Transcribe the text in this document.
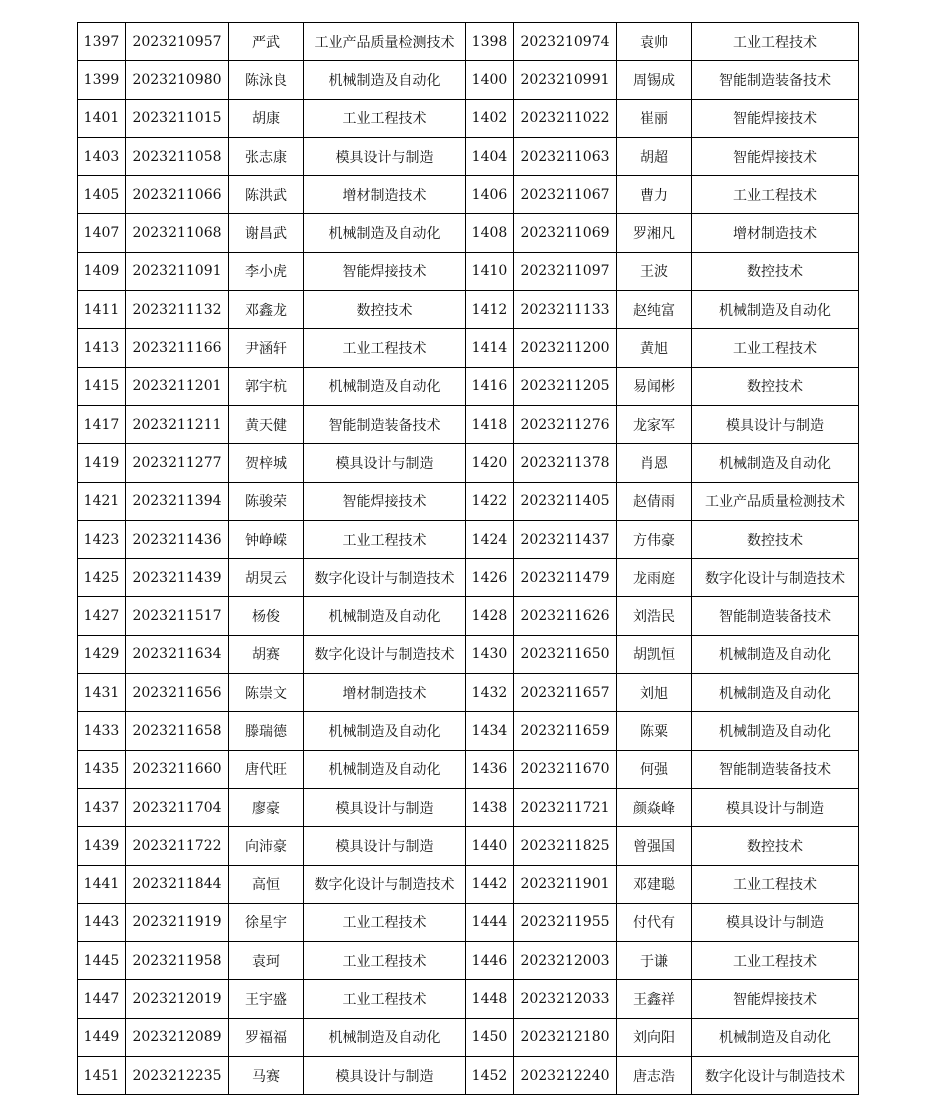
1397	2023210957	严武	工业产品质量检测技术	1398	2023210974	袁帅	工业工程技术
1399	2023210980	陈泳良	机械制造及自动化	1400	2023210991	周锡成	智能制造装备技术
1401	2023211015	胡康	工业工程技术	1402	2023211022	崔丽	智能焊接技术
1403	2023211058	张志康	模具设计与制造	1404	2023211063	胡超	智能焊接技术
1405	2023211066	陈洪武	增材制造技术	1406	2023211067	曹力	工业工程技术
1407	2023211068	谢昌武	机械制造及自动化	1408	2023211069	罗湘凡	增材制造技术
1409	2023211091	李小虎	智能焊接技术	1410	2023211097	王波	数控技术
1411	2023211132	邓鑫龙	数控技术	1412	2023211133	赵纯富	机械制造及自动化
1413	2023211166	尹涵轩	工业工程技术	1414	2023211200	黄旭	工业工程技术
1415	2023211201	郭宇杭	机械制造及自动化	1416	2023211205	易闻彬	数控技术
1417	2023211211	黄天健	智能制造装备技术	1418	2023211276	龙家军	模具设计与制造
1419	2023211277	贺梓城	模具设计与制造	1420	2023211378	肖恩	机械制造及自动化
1421	2023211394	陈骏荣	智能焊接技术	1422	2023211405	赵倩雨	工业产品质量检测技术
1423	2023211436	钟峥嵘	工业工程技术	1424	2023211437	方伟豪	数控技术
1425	2023211439	胡炅云	数字化设计与制造技术	1426	2023211479	龙雨庭	数字化设计与制造技术
1427	2023211517	杨俊	机械制造及自动化	1428	2023211626	刘浩民	智能制造装备技术
1429	2023211634	胡赛	数字化设计与制造技术	1430	2023211650	胡凯恒	机械制造及自动化
1431	2023211656	陈崇文	增材制造技术	1432	2023211657	刘旭	机械制造及自动化
1433	2023211658	滕瑞德	机械制造及自动化	1434	2023211659	陈粟	机械制造及自动化
1435	2023211660	唐代旺	机械制造及自动化	1436	2023211670	何强	智能制造装备技术
1437	2023211704	廖豪	模具设计与制造	1438	2023211721	颜焱峰	模具设计与制造
1439	2023211722	向沛豪	模具设计与制造	1440	2023211825	曾强国	数控技术
1441	2023211844	高恒	数字化设计与制造技术	1442	2023211901	邓建聪	工业工程技术
1443	2023211919	徐星宇	工业工程技术	1444	2023211955	付代有	模具设计与制造
1445	2023211958	袁珂	工业工程技术	1446	2023212003	于谦	工业工程技术
1447	2023212019	王宇盛	工业工程技术	1448	2023212033	王鑫祥	智能焊接技术
1449	2023212089	罗福福	机械制造及自动化	1450	2023212180	刘向阳	机械制造及自动化
1451	2023212235	马赛	模具设计与制造	1452	2023212240	唐志浩	数字化设计与制造技术
